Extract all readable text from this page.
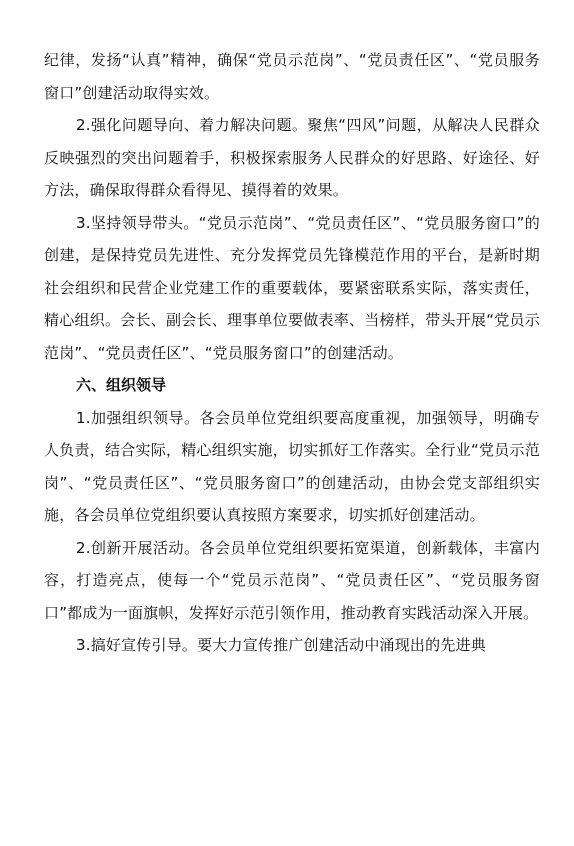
纪律，发扬“认真”精神，确保“党员示范岗”、“党员责任区”、“党员服务窗口”创建活动取得实效。

2.强化问题导向、着力解决问题。聚焦“四风”问题，从解决人民群众反映强烈的突出问题着手，积极探索服务人民群众的好思路、好途径、好方法，确保取得群众看得见、摸得着的效果。

3.坚持领导带头。“党员示范岗”、“党员责任区”、“党员服务窗口”的创建，是保持党员先进性、充分发挥党员先锋模范作用的平台，是新时期社会组织和民营企业党建工作的重要载体，要紧密联系实际，落实责任，精心组织。会长、副会长、理事单位要做表率、当榜样，带头开展“党员示范岗”、“党员责任区”、“党员服务窗口”的创建活动。

六、组织领导

1.加强组织领导。各会员单位党组织要高度重视，加强领导，明确专人负责，结合实际，精心组织实施，切实抓好工作落实。全行业“党员示范岗”、“党员责任区”、“党员服务窗口”的创建活动，由协会党支部组织实施，各会员单位党组织要认真按照方案要求，切实抓好创建活动。

2.创新开展活动。各会员单位党组织要拓宽渠道，创新载体，丰富内容，打造亮点，使每一个“党员示范岗”、“党员责任区”、“党员服务窗口”都成为一面旗帜，发挥好示范引领作用，推动教育实践活动深入开展。

3.搞好宣传引导。要大力宣传推广创建活动中涌现出的先进典
